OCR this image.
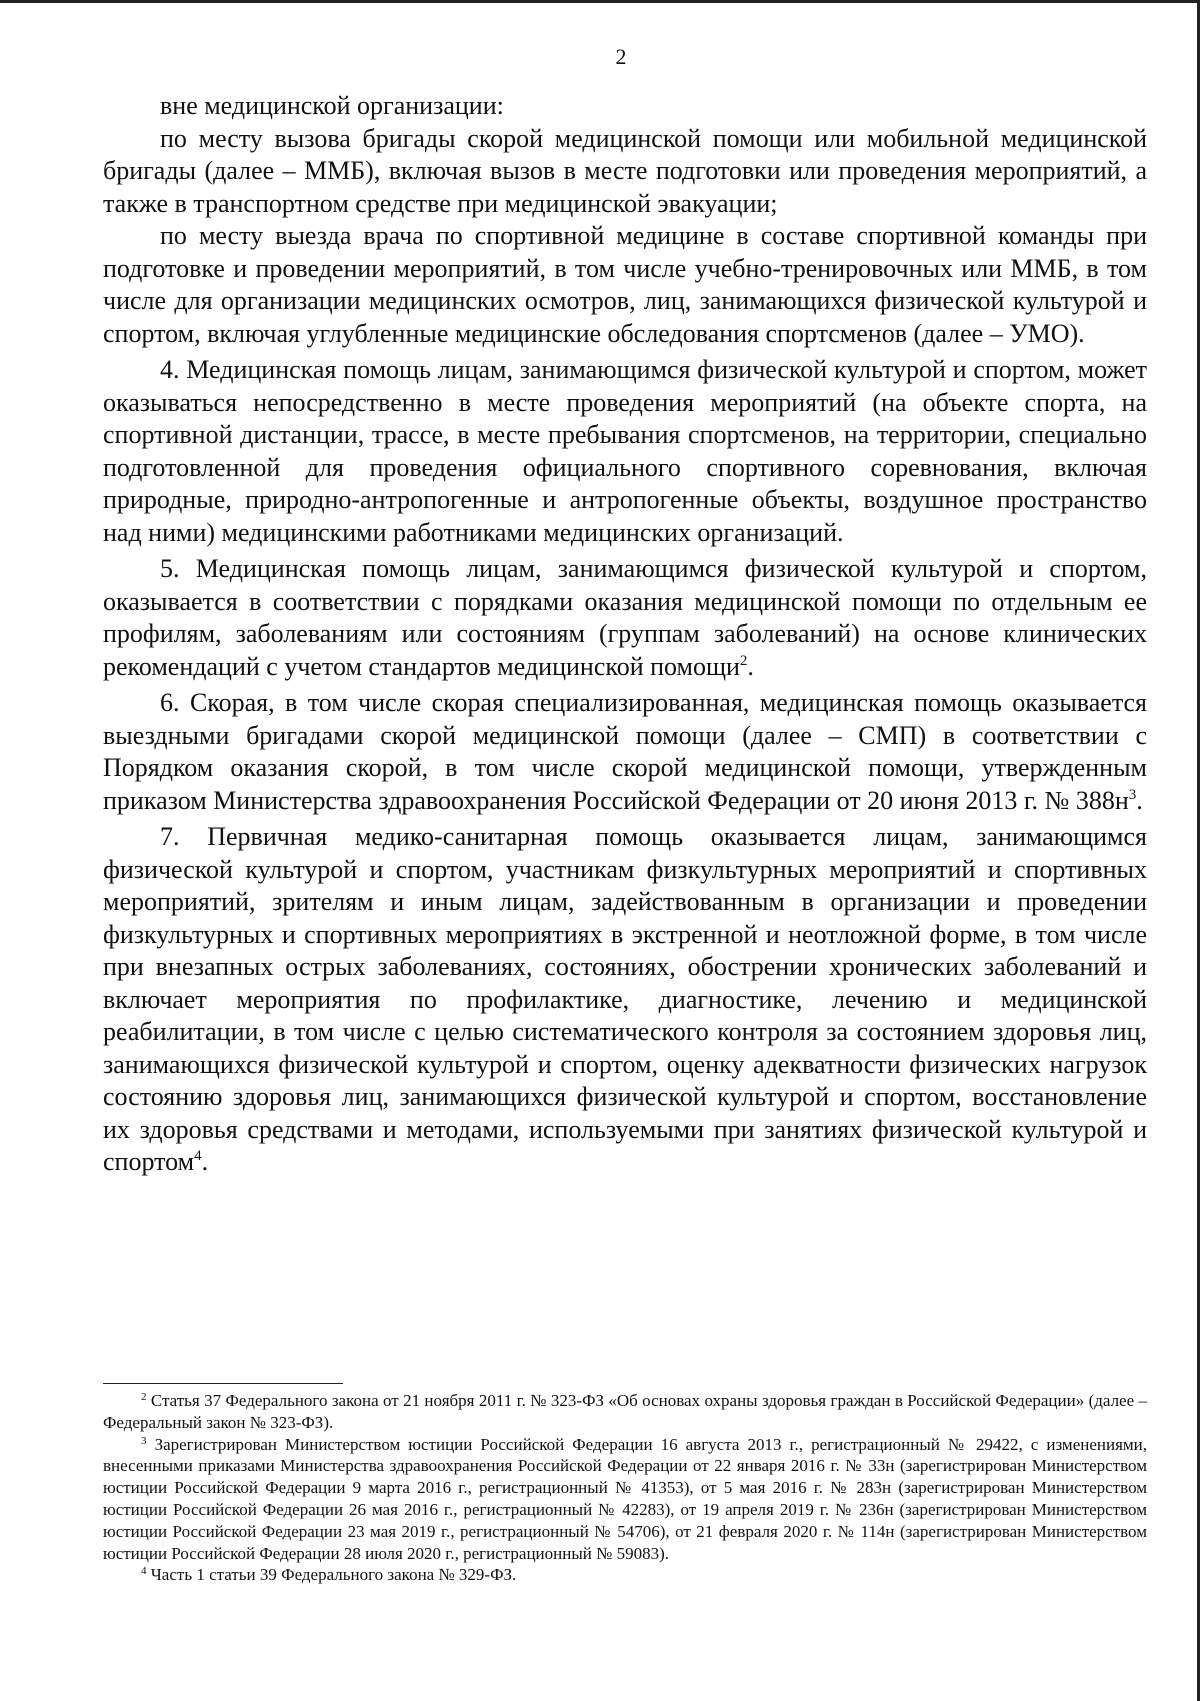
2

вне медицинской организации:

по месту вызова бригады скорой медицинской помощи или мобильной медицинской бригады (далее – ММБ), включая вызов в месте подготовки или проведения мероприятий, а также в транспортном средстве при медицинской эвакуации;

по месту выезда врача по спортивной медицине в составе спортивной команды при подготовке и проведении мероприятий, в том числе учебно-тренировочных или ММБ, в том числе для организации медицинских осмотров, лиц, занимающихся физической культурой и спортом, включая углубленные медицинские обследования спортсменов (далее – УМО).

4. Медицинская помощь лицам, занимающимся физической культурой и спортом, может оказываться непосредственно в месте проведения мероприятий (на объекте спорта, на спортивной дистанции, трассе, в месте пребывания спортсменов, на территории, специально подготовленной для проведения официального спортивного соревнования, включая природные, природно-антропогенные и антропогенные объекты, воздушное пространство над ними) медицинскими работниками медицинских организаций.

5. Медицинская помощь лицам, занимающимся физической культурой и спортом, оказывается в соответствии с порядками оказания медицинской помощи по отдельным ее профилям, заболеваниям или состояниям (группам заболеваний) на основе клинических рекомендаций с учетом стандартов медицинской помощи$^2$.

6. Скорая, в том числе скорая специализированная, медицинская помощь оказывается выездными бригадами скорой медицинской помощи (далее – СМП) в соответствии с Порядком оказания скорой, в том числе скорой медицинской помощи, утвержденным приказом Министерства здравоохранения Российской Федерации от 20 июня 2013 г. № $388н^3$.

7. Первичная медико-санитарная помощь оказывается лицам, занимающимся физической культурой и спортом, участникам физкультурных мероприятий и спортивных мероприятий, зрителям и иным лицам, задействованным в организации и проведении физкультурных и спортивных мероприятиях в экстренной и неотложной форме, в том числе при внезапных острых заболеваниях, состояниях, обострении хронических заболеваний и включает мероприятия по профилактике, диагностике, лечению и медицинской реабилитации, в том числе с целью систематического контроля за состоянием здоровья лиц, занимающихся физической культурой и спортом, оценку адекватности физических нагрузок состоянию здоровья лиц, занимающихся физической культурой и спортом, восстановление их здоровья средствами и методами, используемыми при занятиях физической культурой и спортом$^4$.

$^2$ Статья 37 Федерального закона от 21 ноября 2011 г. № 323-ФЗ «Об основах охраны здоровья граждан в Российской Федерации» (далее – Федеральный закон № 323-ФЗ).

$^3$ Зарегистрирован Министерством юстиции Российской Федерации 16 августа 2013 г., регистрационный № 29422, с изменениями, внесенными приказами Министерства здравоохранения Российской Федерации от 22 января 2016 г. № 33н (зарегистрирован Министерством юстиции Российской Федерации 9 марта 2016 г., регистрационный № 41353), от 5 мая 2016 г. № 283н (зарегистрирован Министерством юстиции Российской Федерации 26 мая 2016 г., регистрационный № 42283), от 19 апреля 2019 г. № 236н (зарегистрирован Министерством юстиции Российской Федерации 23 мая 2019 г., регистрационный № 54706), от 21 февраля 2020 г. № 114н (зарегистрирован Министерством юстиции Российской Федерации 28 июля 2020 г., регистрационный № 59083).

$^4$ Часть 1 статьи 39 Федерального закона № 329-ФЗ.
